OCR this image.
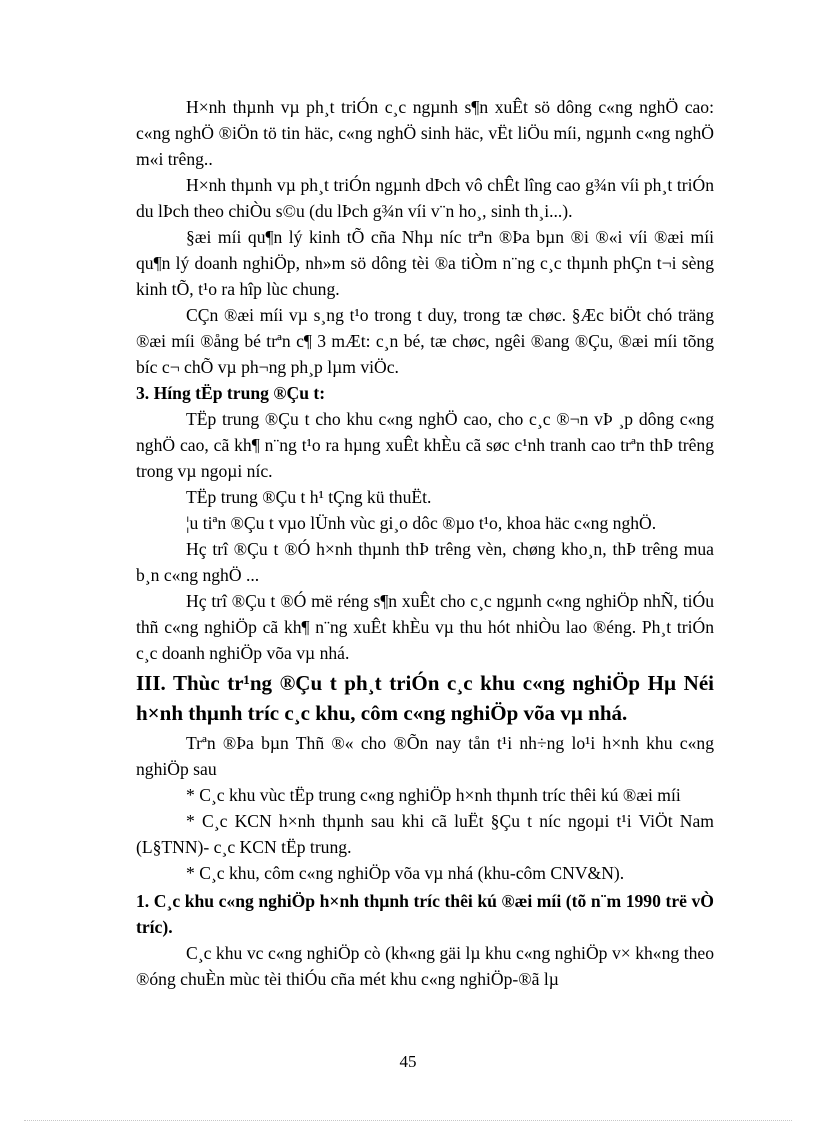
H×nh thµnh vµ ph¸t triÓn c¸c ngµnh s¶n xuÊt sö dông c«ng nghÖ cao: c«ng nghÖ ®iÖn tö tin häc, c«ng nghÖ sinh häc, vËt liÖu míi, ngµnh c«ng nghÖ m«i trêng..

H×nh thµnh vµ ph¸t triÓn ngµnh dÞch vô chÊt lîng cao g¾n víi ph¸t triÓn du lÞch theo chiÒu s©u (du lÞch g¾n víi v¨n ho¸, sinh th¸i...).

§æi míi qu¶n lý kinh tÕ cña Nhµ níc trªn ®Þa bµn ®i ®«i víi ®æi míi qu¶n lý doanh nghiÖp, nh»m sö dông tèi ®a tiÒm n¨ng c¸c thµnh phÇn t¬i sèng kinh tÕ, t¹o ra hîp lùc chung.

CÇn ®æi míi vµ s¸ng t¹o trong t duy, trong tæ chøc. §Æc biÖt chó träng ®æi míi ®ång bé trªn c¶ 3 mÆt: c¸n bé, tæ chøc, ngêi ®ang ®Çu, ®æi míi tõng bíc c¬ chÕ vµ ph¬ng ph¸p lµm viÖc.

3. Híng tËp trung ®Çu t:

TËp trung ®Çu t cho khu c«ng nghÖ cao, cho c¸c ®¬n vÞ ¸p dông c«ng nghÖ cao, cã kh¶ n¨ng t¹o ra hµng xuÊt khÈu cã søc c¹nh tranh cao trªn thÞ trêng trong vµ ngoµi níc.

TËp trung ®Çu t h¹ tÇng kü thuËt.

¦u tiªn ®Çu t vµo lÜnh vùc gi¸o dôc ®µo t¹o, khoa häc c«ng nghÖ.

Hç trî ®Çu t ®Ó h×nh thµnh thÞ trêng vèn, chøng kho¸n, thÞ trêng mua b¸n c«ng nghÖ ...

Hç trî ®Çu t ®Ó më réng s¶n xuÊt cho c¸c ngµnh c«ng nghiÖp nhÑ, tiÓu thñ c«ng nghiÖp cã kh¶ n¨ng xuÊt khÈu vµ thu hót nhiÒu lao ®éng. Ph¸t triÓn c¸c doanh nghiÖp võa vµ nhá.

III. Thùc tr¹ng ®Çu t ph¸t triÓn c¸c khu c«ng nghiÖp Hµ Néi h×nh thµnh tríc c¸c khu, côm c«ng nghiÖp võa vµ nhá.

Trªn ®Þa bµn Thñ ®« cho ®Õn nay tån t¹i nh÷ng lo¹i h×nh khu c«ng nghiÖp sau

* C¸c khu vùc tËp trung c«ng nghiÖp h×nh thµnh tríc thêi kú ®æi míi

* C¸c KCN h×nh thµnh sau khi cã luËt §Çu t níc ngoµi t¹i ViÖt Nam (L§TNN)- c¸c KCN tËp trung.

* C¸c khu, côm c«ng nghiÖp võa vµ nhá (khu-côm CNV&N).

1. C¸c khu c«ng nghiÖp h×nh thµnh tríc thêi kú ®æi míi (tõ n¨m 1990 trë vÒ tríc).

C¸c khu vc c«ng nghiÖp cò (kh«ng gäi lµ khu c«ng nghiÖp v× kh«ng theo ®óng chuÈn mùc tèi thiÓu cña mét khu c«ng nghiÖp-®ã lµ

45
